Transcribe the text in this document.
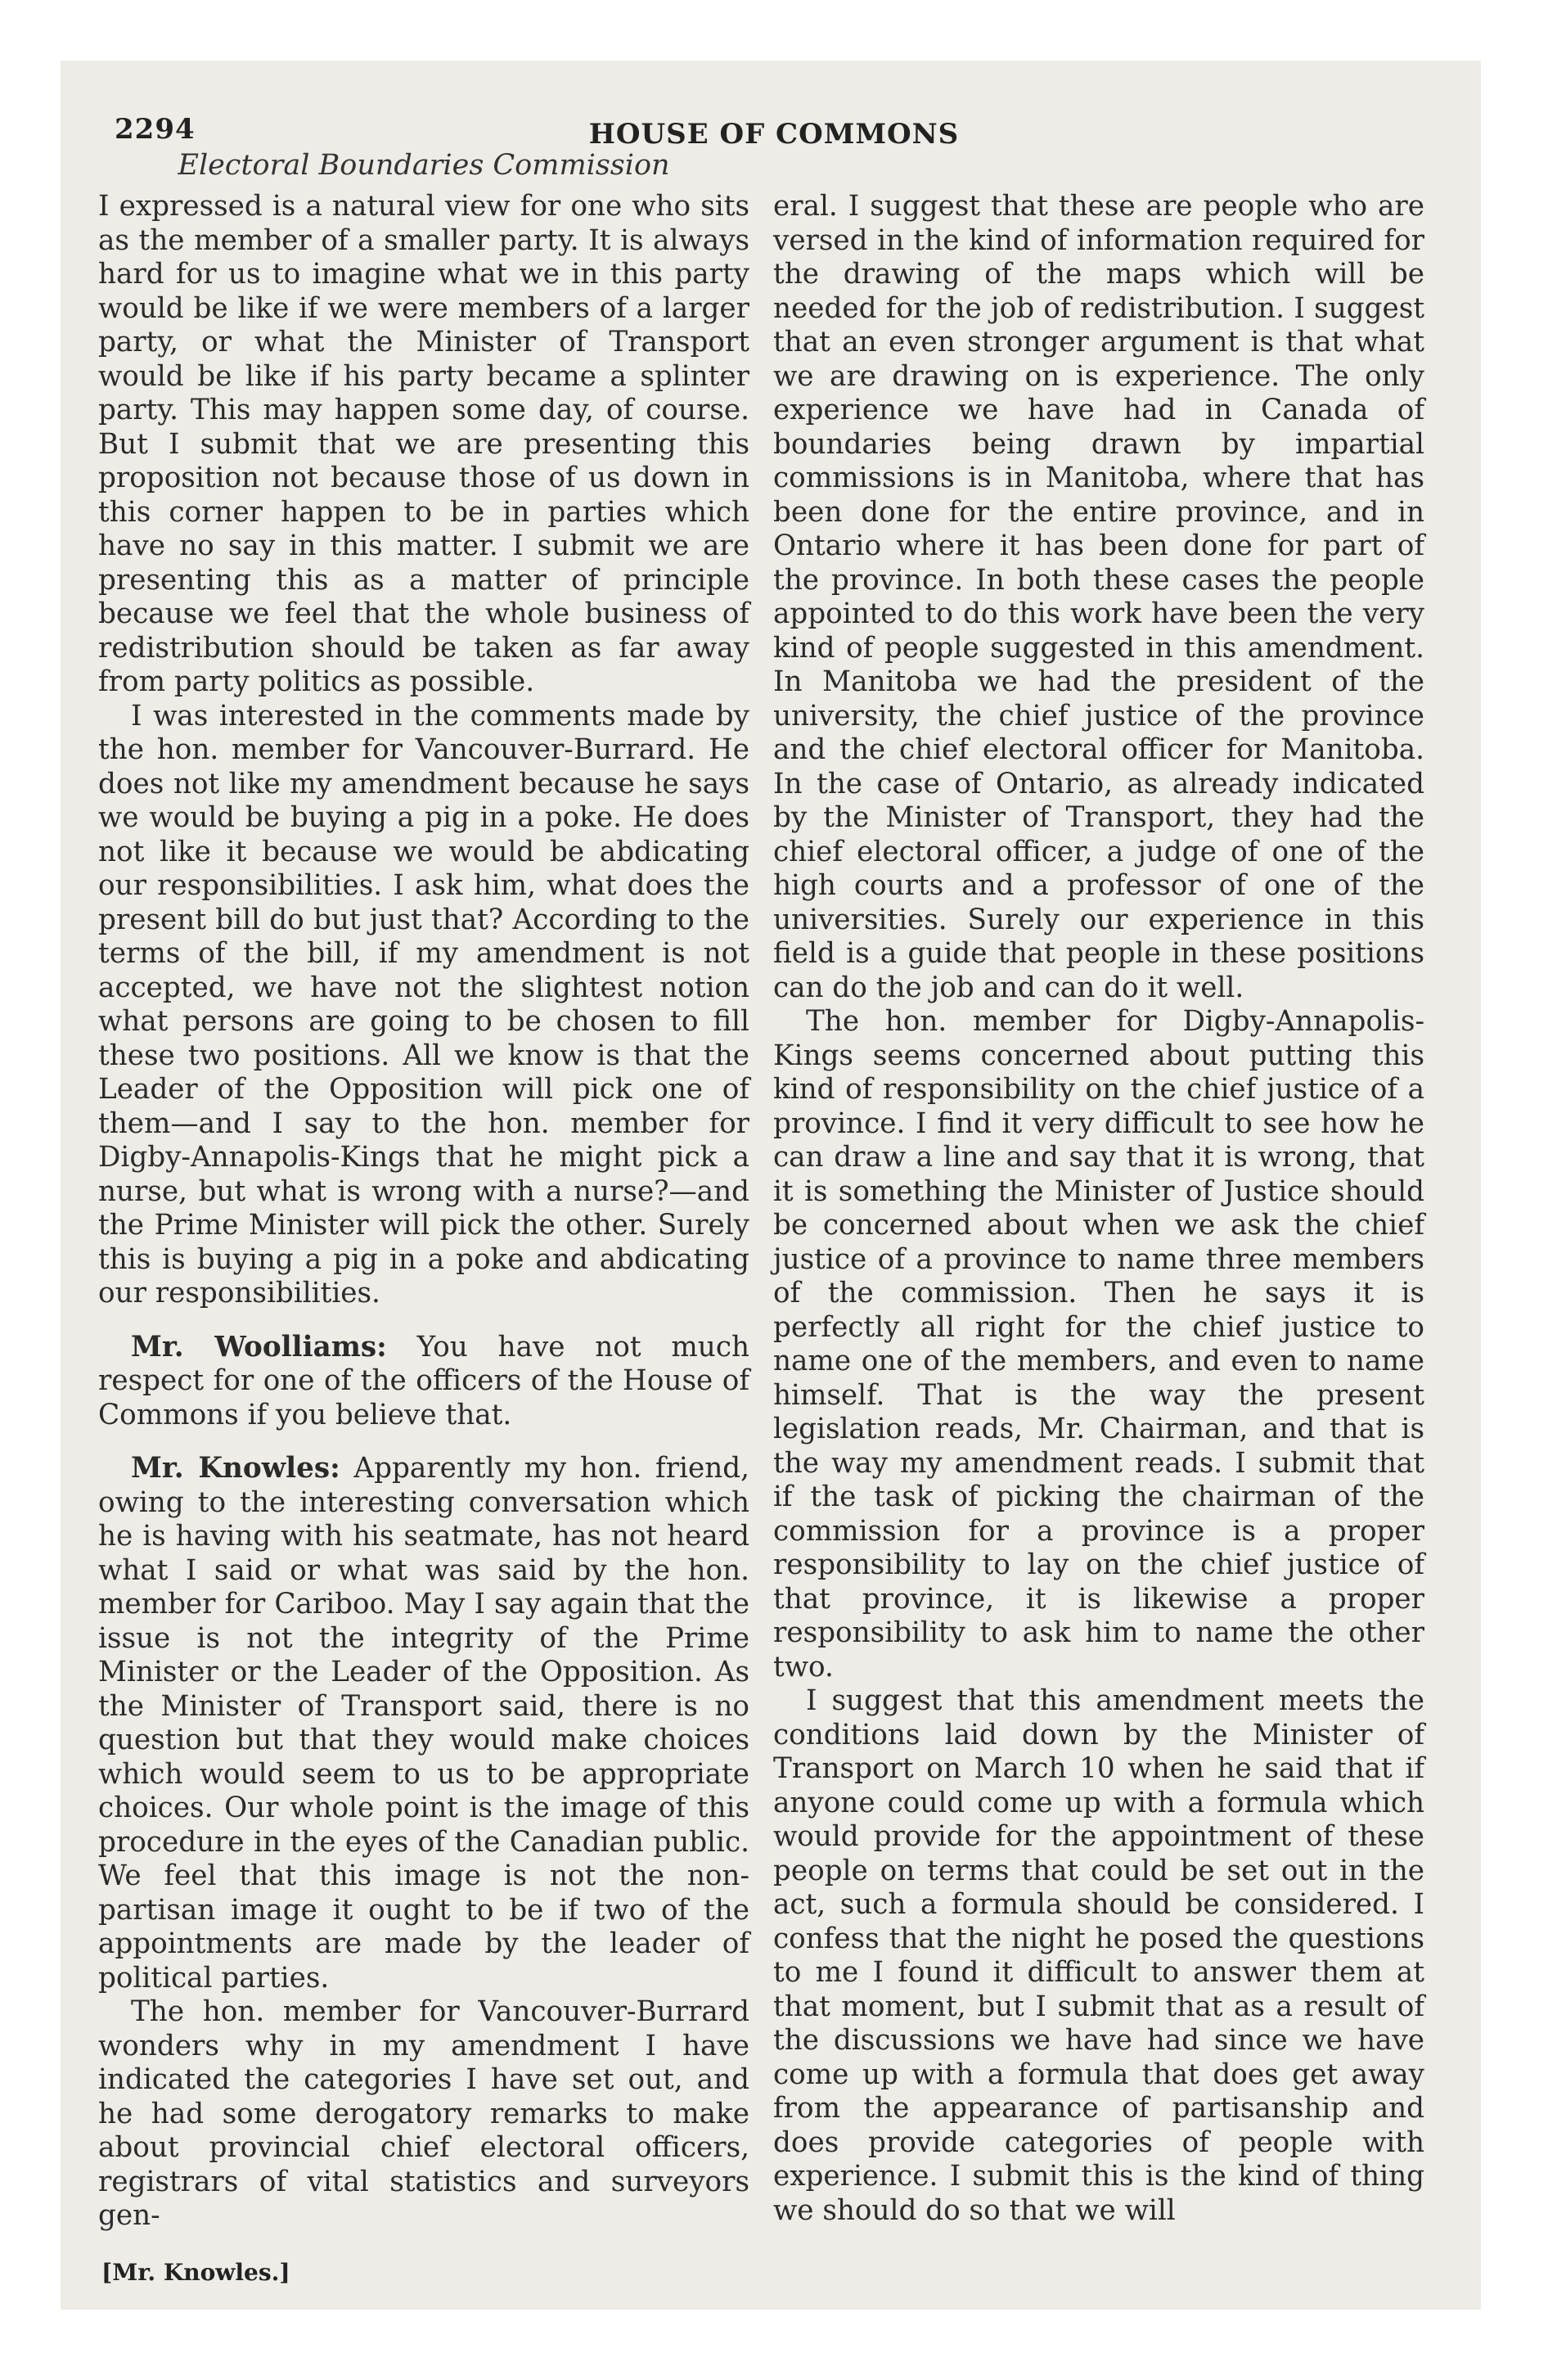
2294	HOUSE OF COMMONS
Electoral Boundaries Commission

I expressed is a natural view for one who sits as the member of a smaller party. It is always hard for us to imagine what we in this party would be like if we were members of a larger party, or what the Minister of Transport would be like if his party became a splinter party. This may happen some day, of course. But I submit that we are presenting this proposition not because those of us down in this corner happen to be in parties which have no say in this matter. I submit we are presenting this as a matter of principle because we feel that the whole business of redistribution should be taken as far away from party politics as possible.

I was interested in the comments made by the hon. member for Vancouver-Burrard. He does not like my amendment because he says we would be buying a pig in a poke. He does not like it because we would be abdicating our responsibilities. I ask him, what does the present bill do but just that? According to the terms of the bill, if my amendment is not accepted, we have not the slightest notion what persons are going to be chosen to fill these two positions. All we know is that the Leader of the Opposition will pick one of them—and I say to the hon. member for Digby-Annapolis-Kings that he might pick a nurse, but what is wrong with a nurse?—and the Prime Minister will pick the other. Surely this is buying a pig in a poke and abdicating our responsibilities.

Mr. Woolliams: You have not much respect for one of the officers of the House of Commons if you believe that.

Mr. Knowles: Apparently my hon. friend, owing to the interesting conversation which he is having with his seatmate, has not heard what I said or what was said by the hon. member for Cariboo. May I say again that the issue is not the integrity of the Prime Minister or the Leader of the Opposition. As the Minister of Transport said, there is no question but that they would make choices which would seem to us to be appropriate choices. Our whole point is the image of this procedure in the eyes of the Canadian public. We feel that this image is not the non-partisan image it ought to be if two of the appointments are made by the leader of political parties.

The hon. member for Vancouver-Burrard wonders why in my amendment I have indicated the categories I have set out, and he had some derogatory remarks to make about provincial chief electoral officers, registrars of vital statistics and surveyors gen-

eral. I suggest that these are people who are versed in the kind of information required for the drawing of the maps which will be needed for the job of redistribution. I suggest that an even stronger argument is that what we are drawing on is experience. The only experience we have had in Canada of boundaries being drawn by impartial commissions is in Manitoba, where that has been done for the entire province, and in Ontario where it has been done for part of the province. In both these cases the people appointed to do this work have been the very kind of people suggested in this amendment. In Manitoba we had the president of the university, the chief justice of the province and the chief electoral officer for Manitoba. In the case of Ontario, as already indicated by the Minister of Transport, they had the chief electoral officer, a judge of one of the high courts and a professor of one of the universities. Surely our experience in this field is a guide that people in these positions can do the job and can do it well.

The hon. member for Digby-Annapolis-Kings seems concerned about putting this kind of responsibility on the chief justice of a province. I find it very difficult to see how he can draw a line and say that it is wrong, that it is something the Minister of Justice should be concerned about when we ask the chief justice of a province to name three members of the commission. Then he says it is perfectly all right for the chief justice to name one of the members, and even to name himself. That is the way the present legislation reads, Mr. Chairman, and that is the way my amendment reads. I submit that if the task of picking the chairman of the commission for a province is a proper responsibility to lay on the chief justice of that province, it is likewise a proper responsibility to ask him to name the other two.

I suggest that this amendment meets the conditions laid down by the Minister of Transport on March 10 when he said that if anyone could come up with a formula which would provide for the appointment of these people on terms that could be set out in the act, such a formula should be considered. I confess that the night he posed the questions to me I found it difficult to answer them at that moment, but I submit that as a result of the discussions we have had since we have come up with a formula that does get away from the appearance of partisanship and does provide categories of people with experience. I submit this is the kind of thing we should do so that we will

[Mr. Knowles.]
